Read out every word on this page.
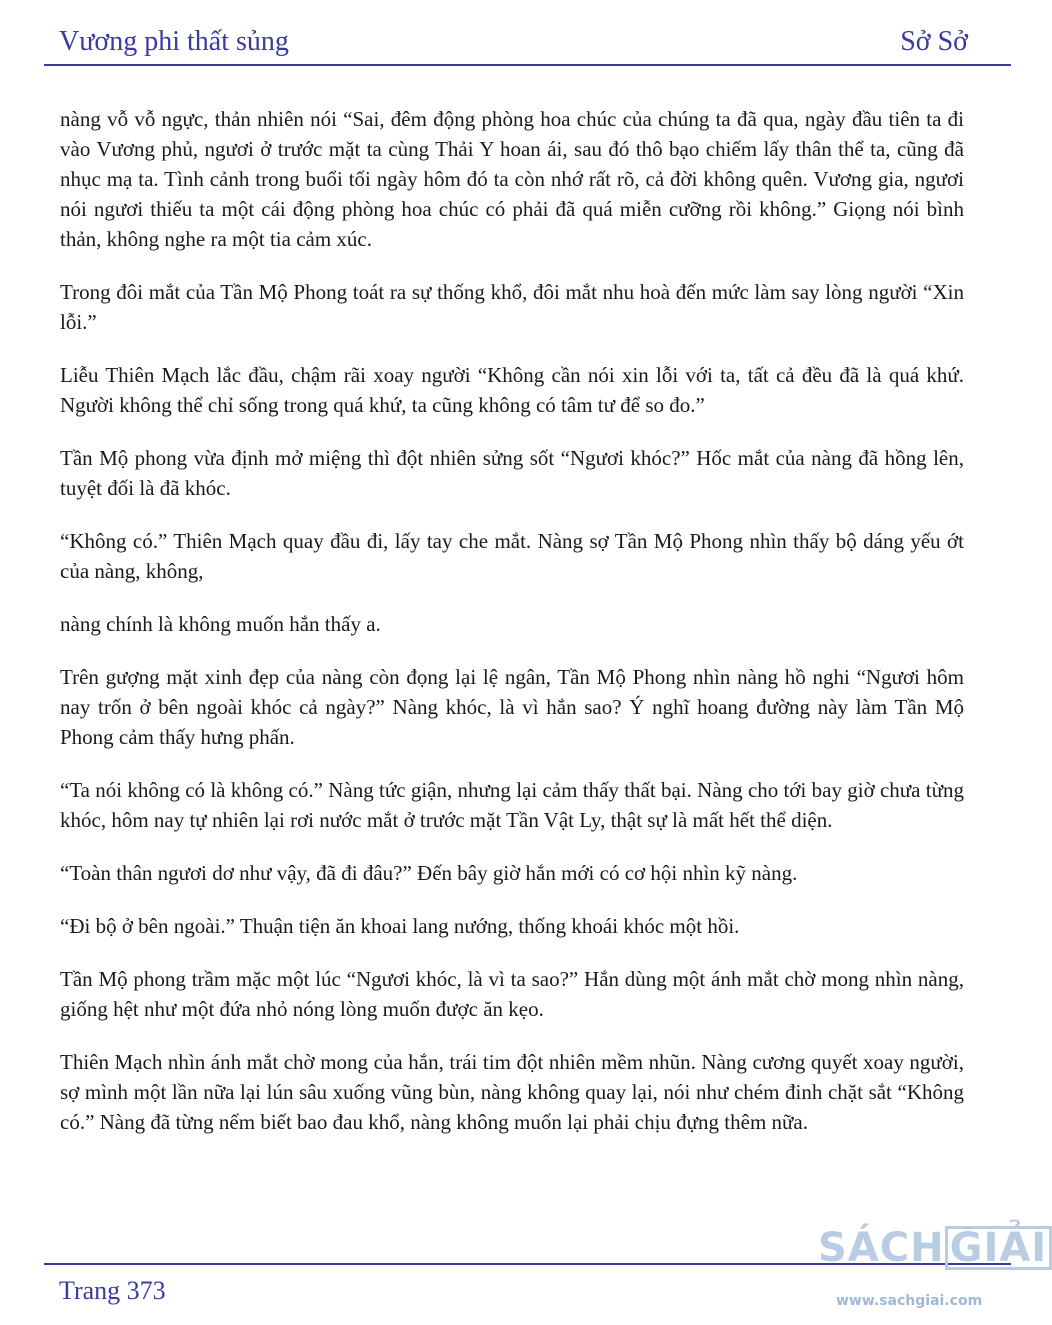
Vương phi thất sủng	Sở Sở

nàng vỗ vỗ ngực, thản nhiên nói “Sai, đêm động phòng hoa chúc của chúng ta đã qua, ngày đầu tiên ta đi vào Vương phủ, ngươi ở trước mặt ta cùng Thải Y hoan ái, sau đó thô bạo chiếm lấy thân thể ta, cũng đã nhục mạ ta. Tình cảnh trong buổi tối ngày hôm đó ta còn nhớ rất rõ, cả đời không quên. Vương gia, ngươi nói ngươi thiếu ta một cái động phòng hoa chúc có phải đã quá miễn cưỡng rồi không.” Giọng nói bình thản, không nghe ra một tia cảm xúc.

Trong đôi mắt của Tần Mộ Phong toát ra sự thống khổ, đôi mắt nhu hoà đến mức làm say lòng người “Xin lỗi.”

Liễu Thiên Mạch lắc đầu, chậm rãi xoay người “Không cần nói xin lỗi với ta, tất cả đều đã là quá khứ. Người không thể chỉ sống trong quá khứ, ta cũng không có tâm tư để so đo.”

Tần Mộ phong vừa định mở miệng thì đột nhiên sửng sốt “Ngươi khóc?” Hốc mắt của nàng đã hồng lên, tuyệt đối là đã khóc.

“Không có.” Thiên Mạch quay đầu đi, lấy tay che mắt. Nàng sợ Tần Mộ Phong nhìn thấy bộ dáng yếu ớt của nàng, không,

nàng chính là không muốn hắn thấy a.

Trên gượng mặt xinh đẹp của nàng còn đọng lại lệ ngân, Tần Mộ Phong nhìn nàng hồ nghi “Ngươi hôm nay trốn ở bên ngoài khóc cả ngày?” Nàng khóc, là vì hắn sao? Ý nghĩ hoang đường này làm Tần Mộ Phong cảm thấy hưng phấn.

“Ta nói không có là không có.” Nàng tức giận, nhưng lại cảm thấy thất bại. Nàng cho tới bay giờ chưa từng khóc, hôm nay tự nhiên lại rơi nước mắt ở trước mặt Tần Vật Ly, thật sự là mất hết thể diện.

“Toàn thân ngươi dơ như vậy, đã đi đâu?” Đến bây giờ hắn mới có cơ hội nhìn kỹ nàng.

“Đi bộ ở bên ngoài.” Thuận tiện ăn khoai lang nướng, thống khoái khóc một hồi.

Tần Mộ phong trầm mặc một lúc “Ngươi khóc, là vì ta sao?” Hắn dùng một ánh mắt chờ mong nhìn nàng, giống hệt như một đứa nhỏ nóng lòng muốn được ăn kẹo.

Thiên Mạch nhìn ánh mắt chờ mong của hắn, trái tim đột nhiên mềm nhũn. Nàng cương quyết xoay người, sợ mình một lần nữa lại lún sâu xuống vũng bùn, nàng không quay lại, nói như chém đinh chặt sắt “Không có.” Nàng đã từng nếm biết bao đau khổ, nàng không muốn lại phải chịu đựng thêm nữa.

Trang 373
SÁCH GIẢI
www.sachgiai.com
